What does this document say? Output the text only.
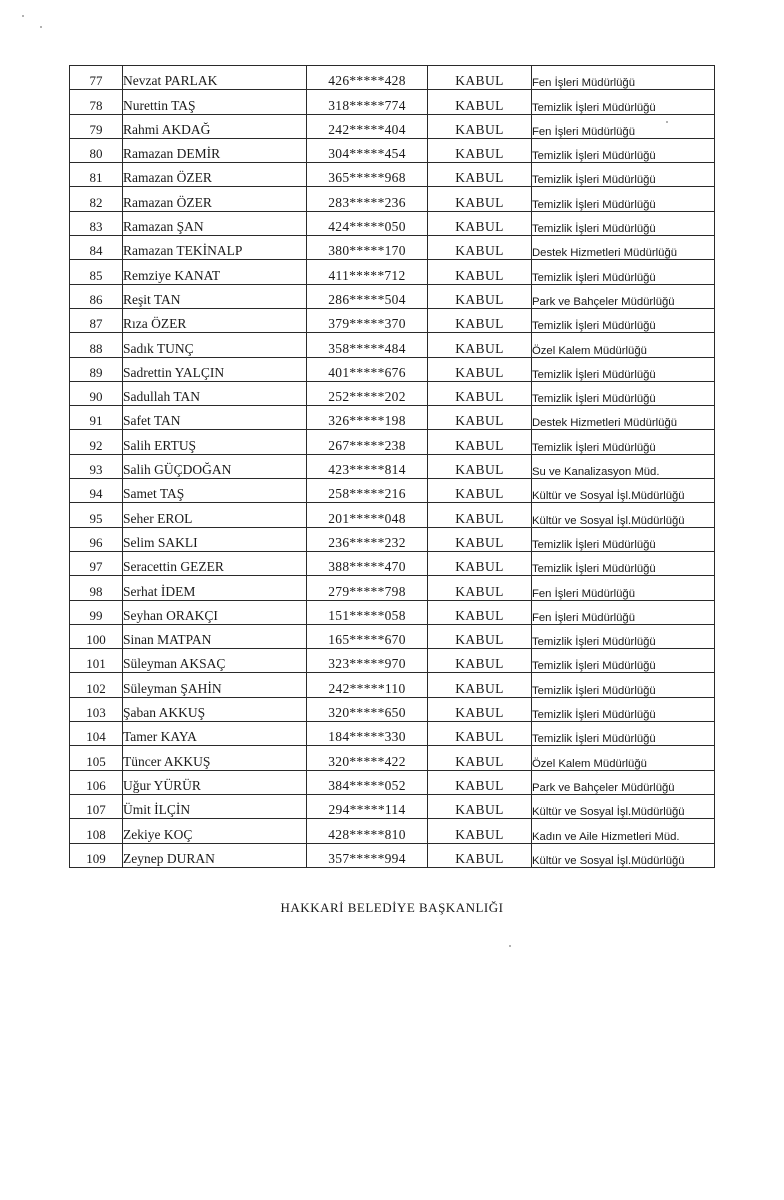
77	Nevzat PARLAK	426*****428	KABUL	Fen İşleri Müdürlüğü
78	Nurettin TAŞ	318*****774	KABUL	Temizlik İşleri Müdürlüğü
79	Rahmi AKDAĞ	242*****404	KABUL	Fen İşleri Müdürlüğü
80	Ramazan DEMİR	304*****454	KABUL	Temizlik İşleri Müdürlüğü
81	Ramazan ÖZER	365*****968	KABUL	Temizlik İşleri Müdürlüğü
82	Ramazan ÖZER	283*****236	KABUL	Temizlik İşleri Müdürlüğü
83	Ramazan ŞAN	424*****050	KABUL	Temizlik İşleri Müdürlüğü
84	Ramazan TEKİNALP	380*****170	KABUL	Destek Hizmetleri Müdürlüğü
85	Remziye KANAT	411*****712	KABUL	Temizlik İşleri Müdürlüğü
86	Reşit TAN	286*****504	KABUL	Park ve Bahçeler Müdürlüğü
87	Rıza ÖZER	379*****370	KABUL	Temizlik İşleri Müdürlüğü
88	Sadık TUNÇ	358*****484	KABUL	Özel Kalem Müdürlüğü
89	Sadrettin YALÇIN	401*****676	KABUL	Temizlik İşleri Müdürlüğü
90	Sadullah TAN	252*****202	KABUL	Temizlik İşleri Müdürlüğü
91	Safet TAN	326*****198	KABUL	Destek Hizmetleri Müdürlüğü
92	Salih ERTUŞ	267*****238	KABUL	Temizlik İşleri Müdürlüğü
93	Salih GÜÇDOĞAN	423*****814	KABUL	Su ve Kanalizasyon Müd.
94	Samet TAŞ	258*****216	KABUL	Kültür ve Sosyal İşl.Müdürlüğü
95	Seher EROL	201*****048	KABUL	Kültür ve Sosyal İşl.Müdürlüğü
96	Selim SAKLI	236*****232	KABUL	Temizlik İşleri Müdürlüğü
97	Seracettin GEZER	388*****470	KABUL	Temizlik İşleri Müdürlüğü
98	Serhat İDEM	279*****798	KABUL	Fen İşleri Müdürlüğü
99	Seyhan ORAKÇI	151*****058	KABUL	Fen İşleri Müdürlüğü
100	Sinan MATPAN	165*****670	KABUL	Temizlik İşleri Müdürlüğü
101	Süleyman AKSAÇ	323*****970	KABUL	Temizlik İşleri Müdürlüğü
102	Süleyman ŞAHİN	242*****110	KABUL	Temizlik İşleri Müdürlüğü
103	Şaban AKKUŞ	320*****650	KABUL	Temizlik İşleri Müdürlüğü
104	Tamer KAYA	184*****330	KABUL	Temizlik İşleri Müdürlüğü
105	Tüncer AKKUŞ	320*****422	KABUL	Özel Kalem Müdürlüğü
106	Uğur YÜRÜR	384*****052	KABUL	Park ve Bahçeler Müdürlüğü
107	Ümit İLÇİN	294*****114	KABUL	Kültür ve Sosyal İşl.Müdürlüğü
108	Zekiye KOÇ	428*****810	KABUL	Kadın ve Aile Hizmetleri Müd.
109	Zeynep DURAN	357*****994	KABUL	Kültür ve Sosyal İşl.Müdürlüğü
HAKKARİ BELEDİYE BAŞKANLIĞI
